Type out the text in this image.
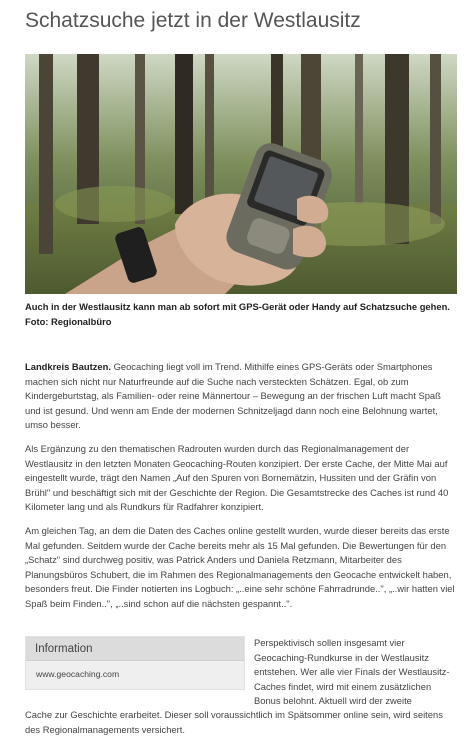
Schatzsuche jetzt in der Westlausitz

Auch in der Westlausitz kann man ab sofort mit GPS-Gerät oder Handy auf Schatzsuche gehen. Foto: Regionalbüro

Landkreis Bautzen. Geocaching liegt voll im Trend. Mithilfe eines GPS-Geräts oder Smartphones machen sich nicht nur Naturfreunde auf die Suche nach versteckten Schätzen. Egal, ob zum Kindergeburtstag, als Familien- oder reine Männertour – Bewegung an der frischen Luft macht Spaß und ist gesund. Und wenn am Ende der modernen Schnitzeljagd dann noch eine Belohnung wartet, umso besser.

Als Ergänzung zu den thematischen Radrouten wurden durch das Regionalmanagement der Westlausitz in den letzten Monaten Geocaching-Routen konzipiert. Der erste Cache, der Mitte Mai auf eingestellt wurde, trägt den Namen „Auf den Spuren von Bornemätzin, Hussiten und der Gräfin von Brühl" und beschäftigt sich mit der Geschichte der Region. Die Gesamtstrecke des Caches ist rund 40 Kilometer lang und als Rundkurs für Radfahrer konzipiert.

Am gleichen Tag, an dem die Daten des Caches online gestellt wurden, wurde dieser bereits das erste Mal gefunden. Seitdem wurde der Cache bereits mehr als 15 Mal gefunden. Die Bewertungen für den „Schatz" sind durchweg positiv, was Patrick Anders und Daniela Retzmann, Mitarbeiter des Planungsbüros Schubert, die im Rahmen des Regionalmanagements den Geocache entwickelt haben, besonders freut. Die Finder notierten ins Logbuch: „..eine sehr schöne Fahrradrunde..", „..wir hatten viel Spaß beim Finden..", „..sind schon auf die nächsten gespannt..".

Information
www.geocaching.com

Perspektivisch sollen insgesamt vier Geocaching-Rundkurse in der Westlausitz entstehen. Wer alle vier Finals der Westlausitz-Caches findet, wird mit einem zusätzlichen Bonus belohnt. Aktuell wird der zweite

Cache zur Geschichte erarbeitet. Dieser soll voraussichtlich im Spätsommer online sein, wird seitens des Regionalmanagements versichert.
